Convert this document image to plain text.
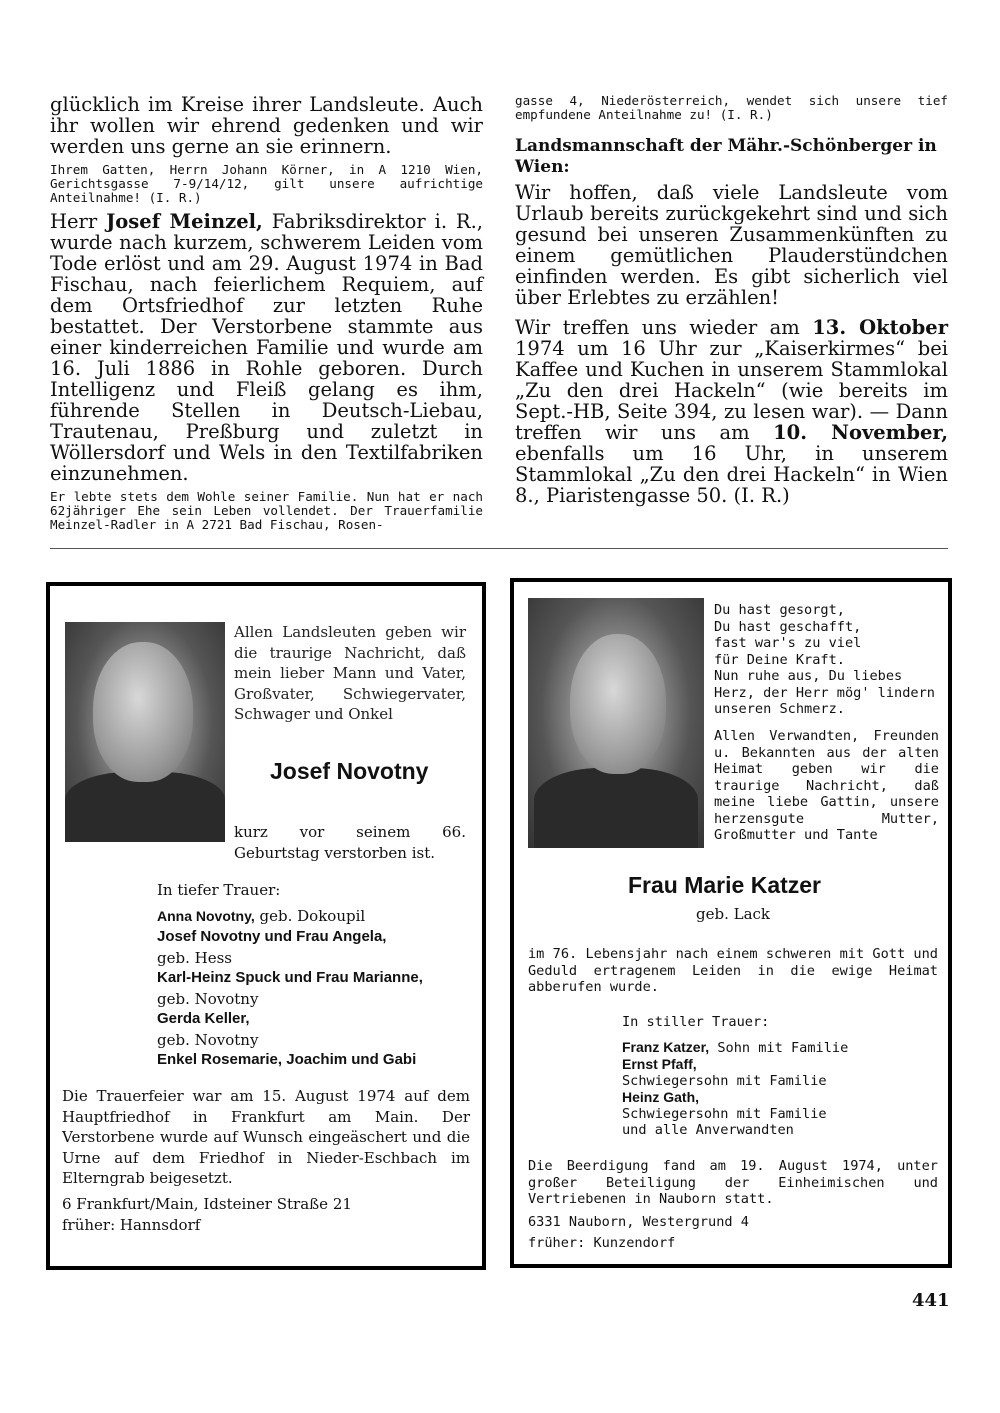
glücklich im Kreise ihrer Landsleute. Auch ihr wollen wir ehrend gedenken und wir werden uns gerne an sie erinnern.

Ihrem Gatten, Herrn Johann Körner, in A 1210 Wien, Gerichtsgasse 7-9/14/12, gilt unsere aufrichtige Anteilnahme! (I. R.)

Herr Josef Meinzel, Fabriksdirektor i. R., wurde nach kurzem, schwerem Leiden vom Tode erlöst und am 29. August 1974 in Bad Fischau, nach feierlichem Requiem, auf dem Ortsfriedhof zur letzten Ruhe bestattet. Der Verstorbene stammte aus einer kinderreichen Familie und wurde am 16. Juli 1886 in Rohle geboren. Durch Intelligenz und Fleiß gelang es ihm, führende Stellen in Deutsch-Liebau, Trautenau, Preßburg und zuletzt in Wöllersdorf und Wels in den Textilfabriken einzunehmen.

Er lebte stets dem Wohle seiner Familie. Nun hat er nach 62jähriger Ehe sein Leben vollendet. Der Trauerfamilie Meinzel-Radler in A 2721 Bad Fischau, Rosen-

gasse 4, Niederösterreich, wendet sich unsere tief empfundene Anteilnahme zu! (I. R.)

Landsmannschaft der Mähr.-Schönberger in Wien:

Wir hoffen, daß viele Landsleute vom Urlaub bereits zurückgekehrt sind und sich gesund bei unseren Zusammenkünften zu einem gemütlichen Plauderstündchen einfinden werden. Es gibt sicherlich viel über Erlebtes zu erzählen!

Wir treffen uns wieder am 13. Oktober 1974 um 16 Uhr zur „Kaiserkirmes“ bei Kaffee und Kuchen in unserem Stammlokal „Zu den drei Hackeln“ (wie bereits im Sept.-HB, Seite 394, zu lesen war). — Dann treffen wir uns am 10. November, ebenfalls um 16 Uhr, in unserem Stammlokal „Zu den drei Hackeln“ in Wien 8., Piaristengasse 50. (I. R.)

Allen Landsleuten geben wir die traurige Nachricht, daß mein lieber Mann und Vater, Großvater, Schwiegervater, Schwager und Onkel
Josef Novotny
kurz vor seinem 66. Geburtstag verstorben ist.

In tiefer Trauer:

Anna Novotny, geb. Dokoupil

Josef Novotny und Frau Angela,

geb. Hess

Karl-Heinz Spuck und Frau Marianne,

geb. Novotny

Gerda Keller,

geb. Novotny

Enkel Rosemarie, Joachim und Gabi

Die Trauerfeier war am 15. August 1974 auf dem Hauptfriedhof in Frankfurt am Main. Der Verstorbene wurde auf Wunsch eingeäschert und die Urne auf dem Friedhof in Nieder-Eschbach im Elterngrab beigesetzt.

6 Frankfurt/Main, Idsteiner Straße 21

früher: Hannsdorf

Du hast gesorgt,

Du hast geschafft,

fast war's zu viel

für Deine Kraft.

Nun ruhe aus, Du liebes

Herz, der Herr mög' lindern

unseren Schmerz.

Allen Verwandten, Freunden u. Bekannten aus der alten Heimat geben wir die traurige Nachricht, daß meine liebe Gattin, unsere herzensgute Mutter, Großmutter und Tante
Frau Marie Katzer
geb. Lack
im 76. Lebensjahr nach einem schweren mit Gott und Geduld ertragenem Leiden in die ewige Heimat abberufen wurde.

In stiller Trauer:

Franz Katzer, Sohn mit Familie

Ernst Pfaff,

Schwiegersohn mit Familie

Heinz Gath,

Schwiegersohn mit Familie

und alle Anverwandten

Die Beerdigung fand am 19. August 1974, unter großer Beteiligung der Einheimischen und Vertriebenen in Nauborn statt.

6331 Nauborn, Westergrund 4

früher: Kunzendorf

441
